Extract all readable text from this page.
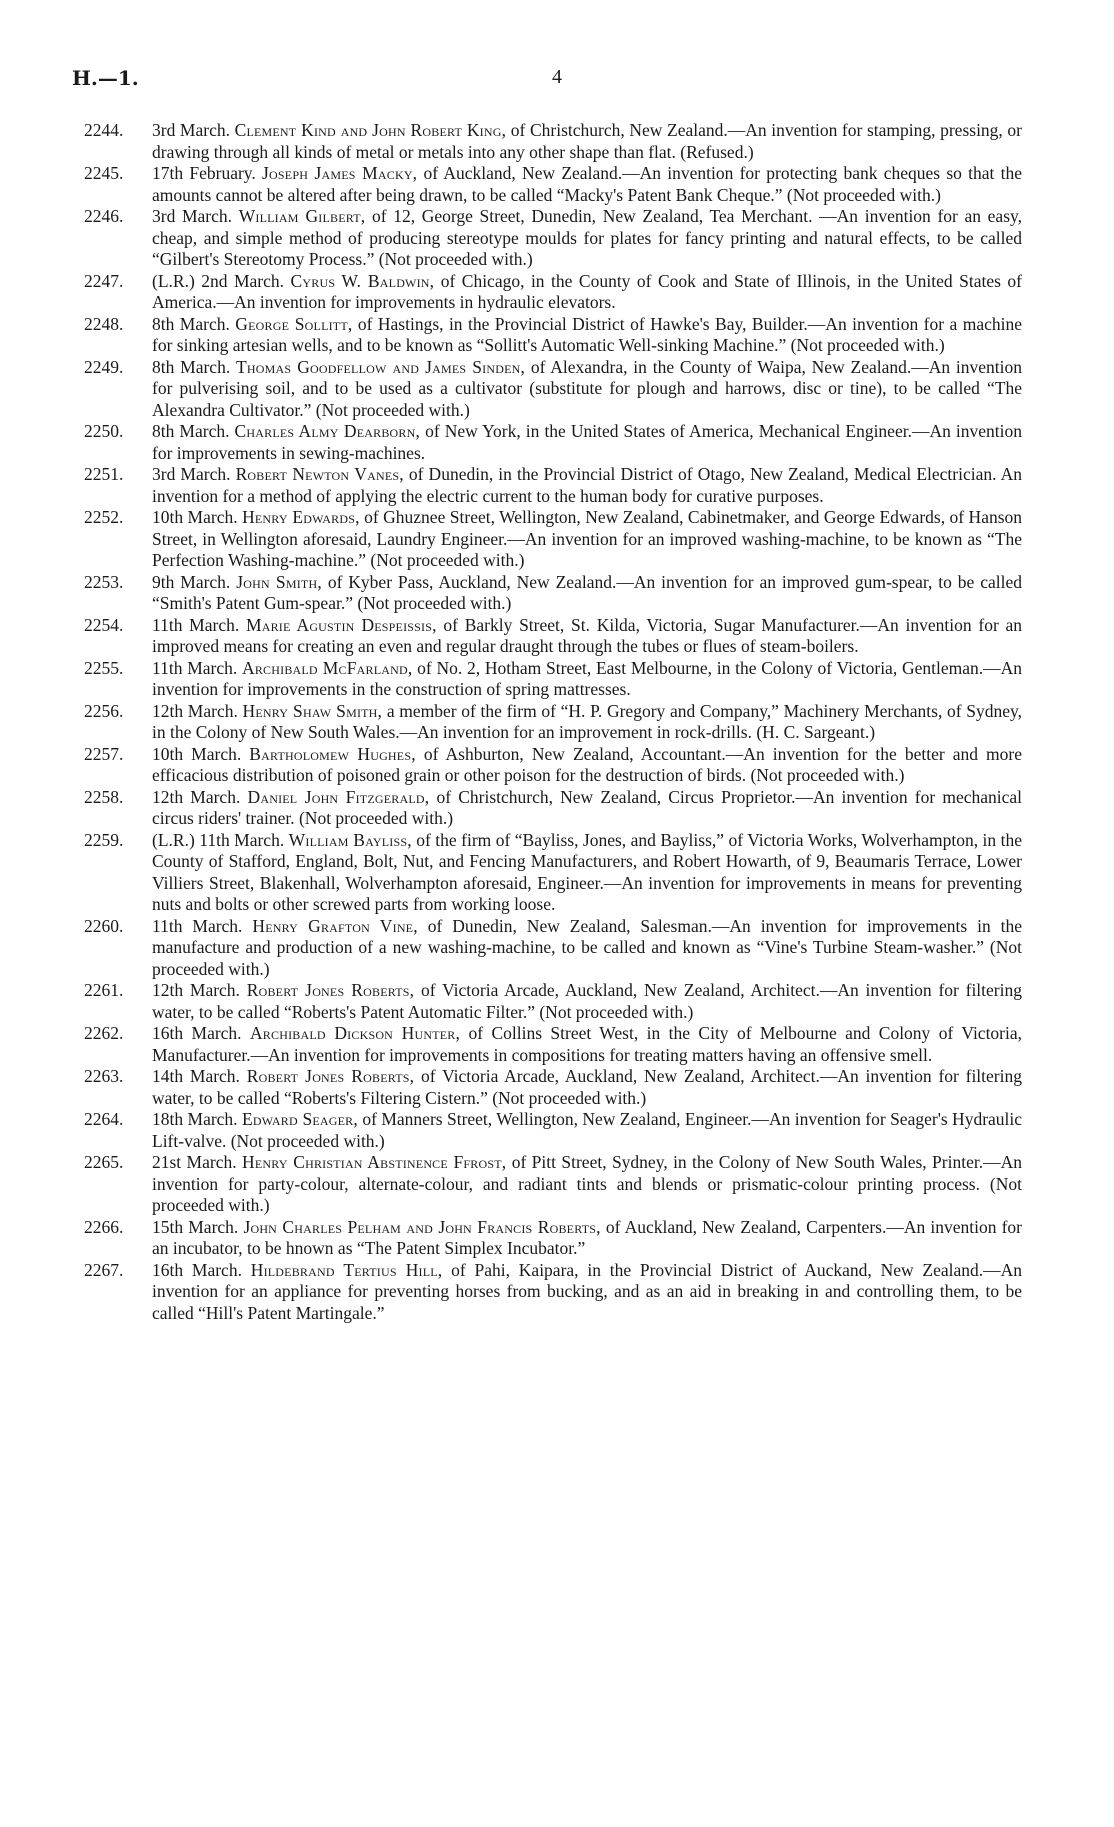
H.—1.	4
2244. 3rd March. Clement Kind and John Robert King, of Christchurch, New Zealand.—An invention for stamping, pressing, or drawing through all kinds of metal or metals into any other shape than flat. (Refused.)
2245. 17th February. Joseph James Macky, of Auckland, New Zealand.—An invention for protecting bank cheques so that the amounts cannot be altered after being drawn, to be called “Macky's Patent Bank Cheque.” (Not proceeded with.)
2246. 3rd March. William Gilbert, of 12, George Street, Dunedin, New Zealand, Tea Merchant. —An invention for an easy, cheap, and simple method of producing stereotype moulds for plates for fancy printing and natural effects, to be called “Gilbert's Stereotomy Process.” (Not proceeded with.)
2247. (L.R.) 2nd March. Cyrus W. Baldwin, of Chicago, in the County of Cook and State of Illinois, in the United States of America.—An invention for improvements in hydraulic elevators.
2248. 8th March. George Sollitt, of Hastings, in the Provincial District of Hawke's Bay, Builder.—An invention for a machine for sinking artesian wells, and to be known as “Sollitt's Automatic Well-sinking Machine.” (Not proceeded with.)
2249. 8th March. Thomas Goodfellow and James Sinden, of Alexandra, in the County of Waipa, New Zealand.—An invention for pulverising soil, and to be used as a cultivator (substitute for plough and harrows, disc or tine), to be called “The Alexandra Cultivator.” (Not proceeded with.)
2250. 8th March. Charles Almy Dearborn, of New York, in the United States of America, Mechanical Engineer.—An invention for improvements in sewing-machines.
2251. 3rd March. Robert Newton Vanes, of Dunedin, in the Provincial District of Otago, New Zealand, Medical Electrician. An invention for a method of applying the electric current to the human body for curative purposes.
2252. 10th March. Henry Edwards, of Ghuznee Street, Wellington, New Zealand, Cabinetmaker, and George Edwards, of Hanson Street, in Wellington aforesaid, Laundry Engineer.—An invention for an improved washing-machine, to be known as “The Perfection Washing-machine.” (Not proceeded with.)
2253. 9th March. John Smith, of Kyber Pass, Auckland, New Zealand.—An invention for an improved gum-spear, to be called “Smith's Patent Gum-spear.” (Not proceeded with.)
2254. 11th March. Marie Agustin Despeissis, of Barkly Street, St. Kilda, Victoria, Sugar Manufacturer.—An invention for an improved means for creating an even and regular draught through the tubes or flues of steam-boilers.
2255. 11th March. Archibald McFarland, of No. 2, Hotham Street, East Melbourne, in the Colony of Victoria, Gentleman.—An invention for improvements in the construction of spring mattresses.
2256. 12th March. Henry Shaw Smith, a member of the firm of “H. P. Gregory and Company,” Machinery Merchants, of Sydney, in the Colony of New South Wales.—An invention for an improvement in rock-drills. (H. C. Sargeant.)
2257. 10th March. Bartholomew Hughes, of Ashburton, New Zealand, Accountant.—An invention for the better and more efficacious distribution of poisoned grain or other poison for the destruction of birds. (Not proceeded with.)
2258. 12th March. Daniel John Fitzgerald, of Christchurch, New Zealand, Circus Proprietor.—An invention for mechanical circus riders' trainer. (Not proceeded with.)
2259. (L.R.) 11th March. William Bayliss, of the firm of “Bayliss, Jones, and Bayliss,” of Victoria Works, Wolverhampton, in the County of Stafford, England, Bolt, Nut, and Fencing Manufacturers, and Robert Howarth, of 9, Beaumaris Terrace, Lower Villiers Street, Blakenhall, Wolverhampton aforesaid, Engineer.—An invention for improvements in means for preventing nuts and bolts or other screwed parts from working loose.
2260. 11th March. Henry Grafton Vine, of Dunedin, New Zealand, Salesman.—An invention for improvements in the manufacture and production of a new washing-machine, to be called and known as “Vine's Turbine Steam-washer.” (Not proceeded with.)
2261. 12th March. Robert Jones Roberts, of Victoria Arcade, Auckland, New Zealand, Architect.—An invention for filtering water, to be called “Roberts's Patent Automatic Filter.” (Not proceeded with.)
2262. 16th March. Archibald Dickson Hunter, of Collins Street West, in the City of Melbourne and Colony of Victoria, Manufacturer.—An invention for improvements in compositions for treating matters having an offensive smell.
2263. 14th March. Robert Jones Roberts, of Victoria Arcade, Auckland, New Zealand, Architect.—An invention for filtering water, to be called “Roberts's Filtering Cistern.” (Not proceeded with.)
2264. 18th March. Edward Seager, of Manners Street, Wellington, New Zealand, Engineer.—An invention for Seager's Hydraulic Lift-valve. (Not proceeded with.)
2265. 21st March. Henry Christian Abstinence Ffrost, of Pitt Street, Sydney, in the Colony of New South Wales, Printer.—An invention for party-colour, alternate-colour, and radiant tints and blends or prismatic-colour printing process. (Not proceeded with.)
2266. 15th March. John Charles Pelham and John Francis Roberts, of Auckland, New Zealand, Carpenters.—An invention for an incubator, to be hnown as “The Patent Simplex Incubator.”
2267. 16th March. Hildebrand Tertius Hill, of Pahi, Kaipara, in the Provincial District of Auckand, New Zealand.—An invention for an appliance for preventing horses from bucking, and as an aid in breaking in and controlling them, to be called “Hill's Patent Martingale.”
